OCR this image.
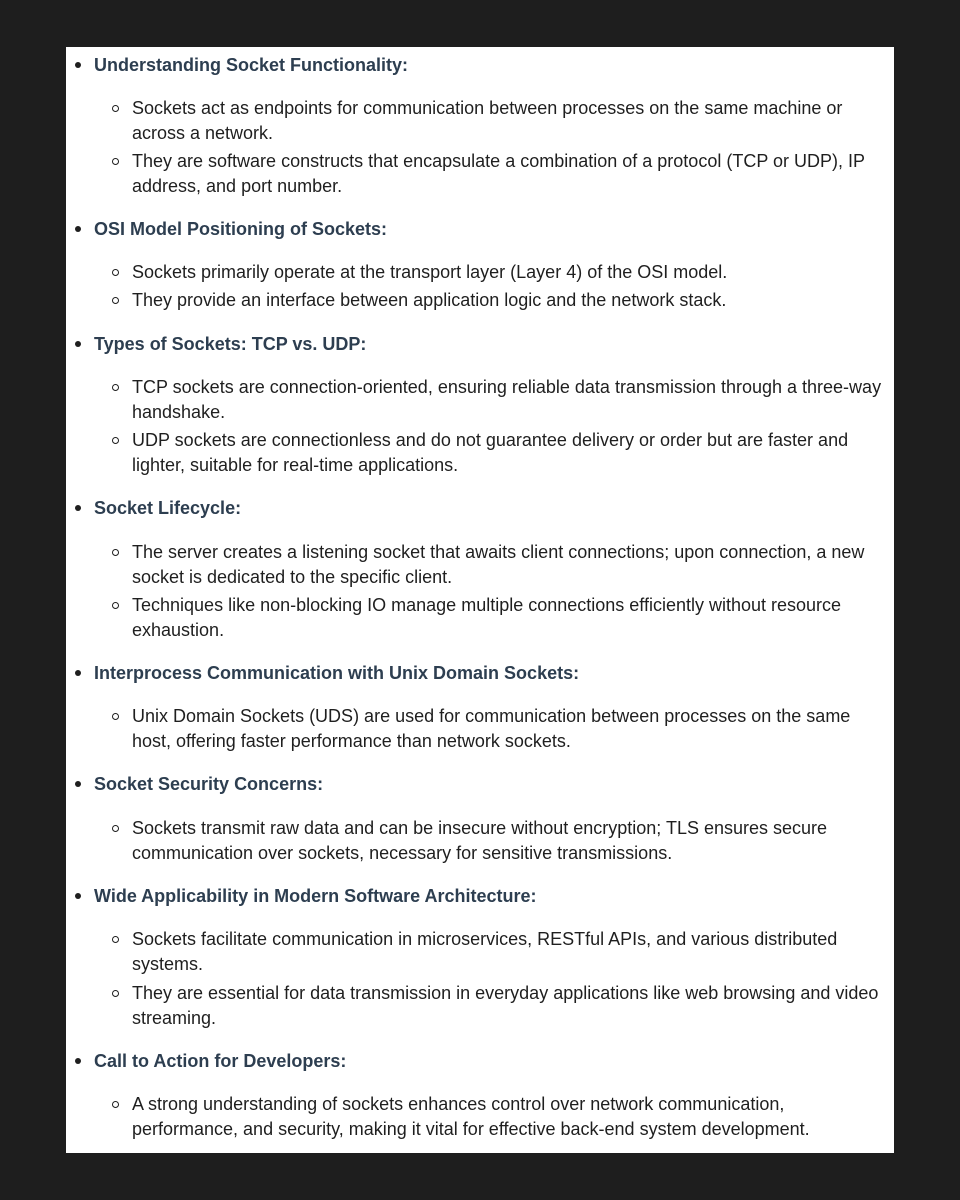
Understanding Socket Functionality:
Sockets act as endpoints for communication between processes on the same machine or across a network.
They are software constructs that encapsulate a combination of a protocol (TCP or UDP), IP address, and port number.
OSI Model Positioning of Sockets:
Sockets primarily operate at the transport layer (Layer 4) of the OSI model.
They provide an interface between application logic and the network stack.
Types of Sockets: TCP vs. UDP:
TCP sockets are connection-oriented, ensuring reliable data transmission through a three-way handshake.
UDP sockets are connectionless and do not guarantee delivery or order but are faster and lighter, suitable for real-time applications.
Socket Lifecycle:
The server creates a listening socket that awaits client connections; upon connection, a new socket is dedicated to the specific client.
Techniques like non-blocking IO manage multiple connections efficiently without resource exhaustion.
Interprocess Communication with Unix Domain Sockets:
Unix Domain Sockets (UDS) are used for communication between processes on the same host, offering faster performance than network sockets.
Socket Security Concerns:
Sockets transmit raw data and can be insecure without encryption; TLS ensures secure communication over sockets, necessary for sensitive transmissions.
Wide Applicability in Modern Software Architecture:
Sockets facilitate communication in microservices, RESTful APIs, and various distributed systems.
They are essential for data transmission in everyday applications like web browsing and video streaming.
Call to Action for Developers:
A strong understanding of sockets enhances control over network communication, performance, and security, making it vital for effective back-end system development.
